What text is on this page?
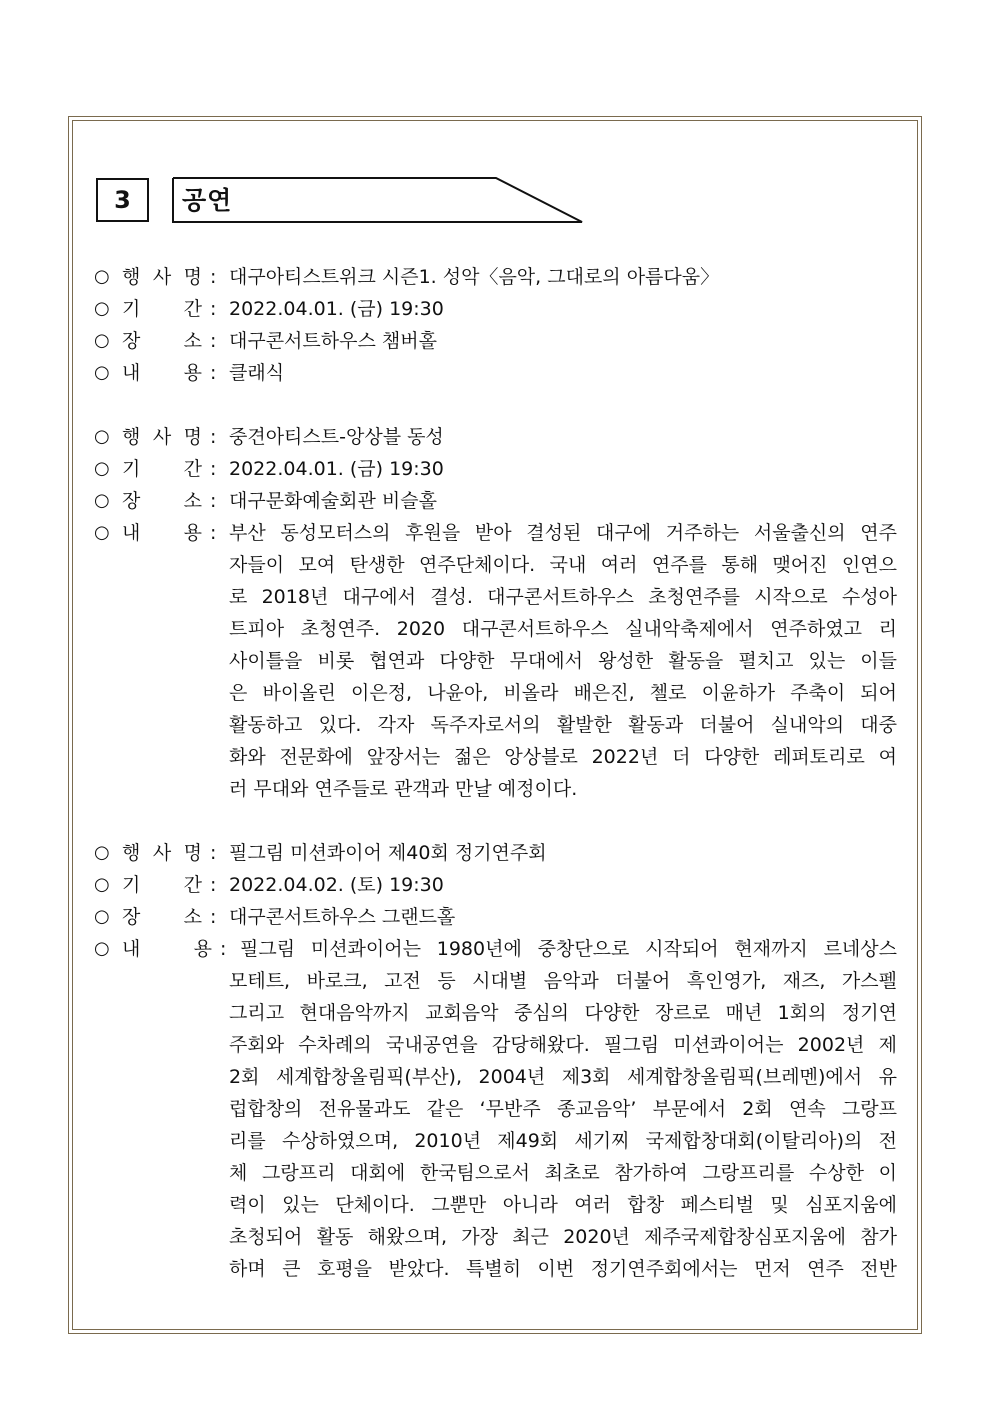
3	공연
○ 행 사 명 : 대구아티스트위크 시즌1. 성악〈음악, 그대로의 아름다움〉
○ 기 간 : 2022.04.01. (금) 19:30
○ 장 소 : 대구콘서트하우스 챔버홀
○ 내 용 : 클래식
○ 행 사 명 : 중견아티스트-앙상블 동성
○ 기 간 : 2022.04.01. (금) 19:30
○ 장 소 : 대구문화예술회관 비슬홀
○ 내 용 : 부산 동성모터스의 후원을 받아 결성된 대구에 거주하는 서울출신의 연주
자들이 모여 탄생한 연주단체이다. 국내 여러 연주를 통해 맺어진 인연으
로 2018년 대구에서 결성. 대구콘서트하우스 초청연주를 시작으로 수성아
트피아 초청연주. 2020 대구콘서트하우스 실내악축제에서 연주하였고 리
사이틀을 비롯 협연과 다양한 무대에서 왕성한 활동을 펼치고 있는 이들
은 바이올린 이은정, 나윤아, 비올라 배은진, 첼로 이윤하가 주축이 되어
활동하고 있다. 각자 독주자로서의 활발한 활동과 더불어 실내악의 대중
화와 전문화에 앞장서는 젊은 앙상블로 2022년 더 다양한 레퍼토리로 여
러 무대와 연주들로 관객과 만날 예정이다.
○ 행 사 명 : 필그림 미션콰이어 제40회 정기연주회
○ 기 간 : 2022.04.02. (토) 19:30
○ 장 소 : 대구콘서트하우스 그랜드홀
○ 내	용 : 필그림 미션콰이어는 1980년에 중창단으로 시작되어 현재까지 르네상스
모테트, 바로크, 고전 등 시대별 음악과 더불어 흑인영가, 재즈, 가스펠
그리고 현대음악까지 교회음악 중심의 다양한 장르로 매년 1회의 정기연
주회와 수차례의 국내공연을 감당해왔다. 필그림 미션콰이어는 2002년 제
2회 세계합창올림픽(부산), 2004년 제3회 세계합창올림픽(브레멘)에서 유
럽합창의 전유물과도 같은 ‘무반주 종교음악’ 부문에서 2회 연속 그랑프
리를 수상하였으며, 2010년 제49회 세기찌 국제합창대회(이탈리아)의 전
체 그랑프리 대회에 한국팀으로서 최초로 참가하여 그랑프리를 수상한 이
력이 있는 단체이다. 그뿐만 아니라 여러 합창 페스티벌 및 심포지움에
초청되어 활동 해왔으며, 가장 최근 2020년 제주국제합창심포지움에 참가
하며 큰 호평을 받았다. 특별히 이번 정기연주회에서는 먼저 연주 전반
